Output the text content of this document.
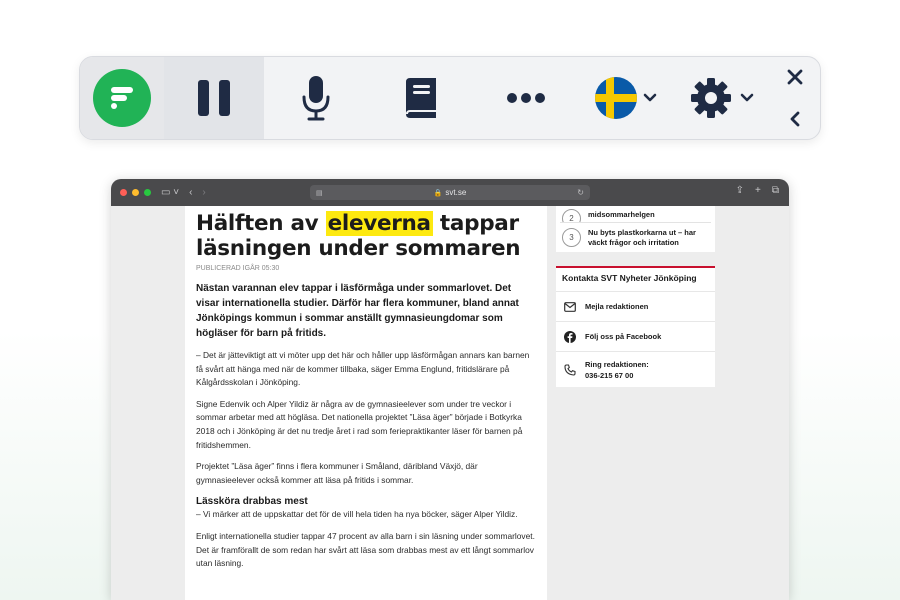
▭ ˅ ‹ ›	▤	🔒 svt.se	↻	⇪ + ⧉
Hälften av eleverna tappar läsningen under sommaren
PUBLICERAD IGÅR 05:30

Nästan varannan elev tappar i läsförmåga under sommarlovet. Det visar internationella studier. Därför har flera kommuner, bland annat Jönköpings kommun i sommar anställt gymnasieungdomar som högläser för barn på fritids.

– Det är jätteviktigt att vi möter upp det här och håller upp läsförmågan annars kan barnen få svårt att hänga med när de kommer tillbaka, säger Emma Englund, fritidslärare på Kålgårdsskolan i Jönköping.

Signe Edenvik och Alper Yildiz är några av de gymnasieelever som under tre veckor i sommar arbetar med att högläsa. Det nationella projektet ”Läsa äger” började i Botkyrka 2018 och i Jönköping är det nu tredje året i rad som feriepraktikanter läser för barnen på fritidshemmen.

Projektet ”Läsa äger” finns i flera kommuner i Småland, däribland Växjö, där gymnasieelever också kommer att läsa på fritids i sommar.

Lässköra drabbas mest

– Vi märker att de uppskattar det för de vill hela tiden ha nya böcker, säger Alper Yildiz.

Enligt internationella studier tappar 47 procent av alla barn i sin läsning under sommarlovet. Det är framförallt de som redan har svårt att läsa som drabbas mest av ett långt sommarlov utan läsning.

2	midsommarhelgen
3
Nu byts plastkorkarna ut – har väckt frågor och irritation
Kontakta SVT Nyheter Jönköping
Mejla redaktionen
Följ oss på Facebook
Ring redaktionen:
036-215 67 00
